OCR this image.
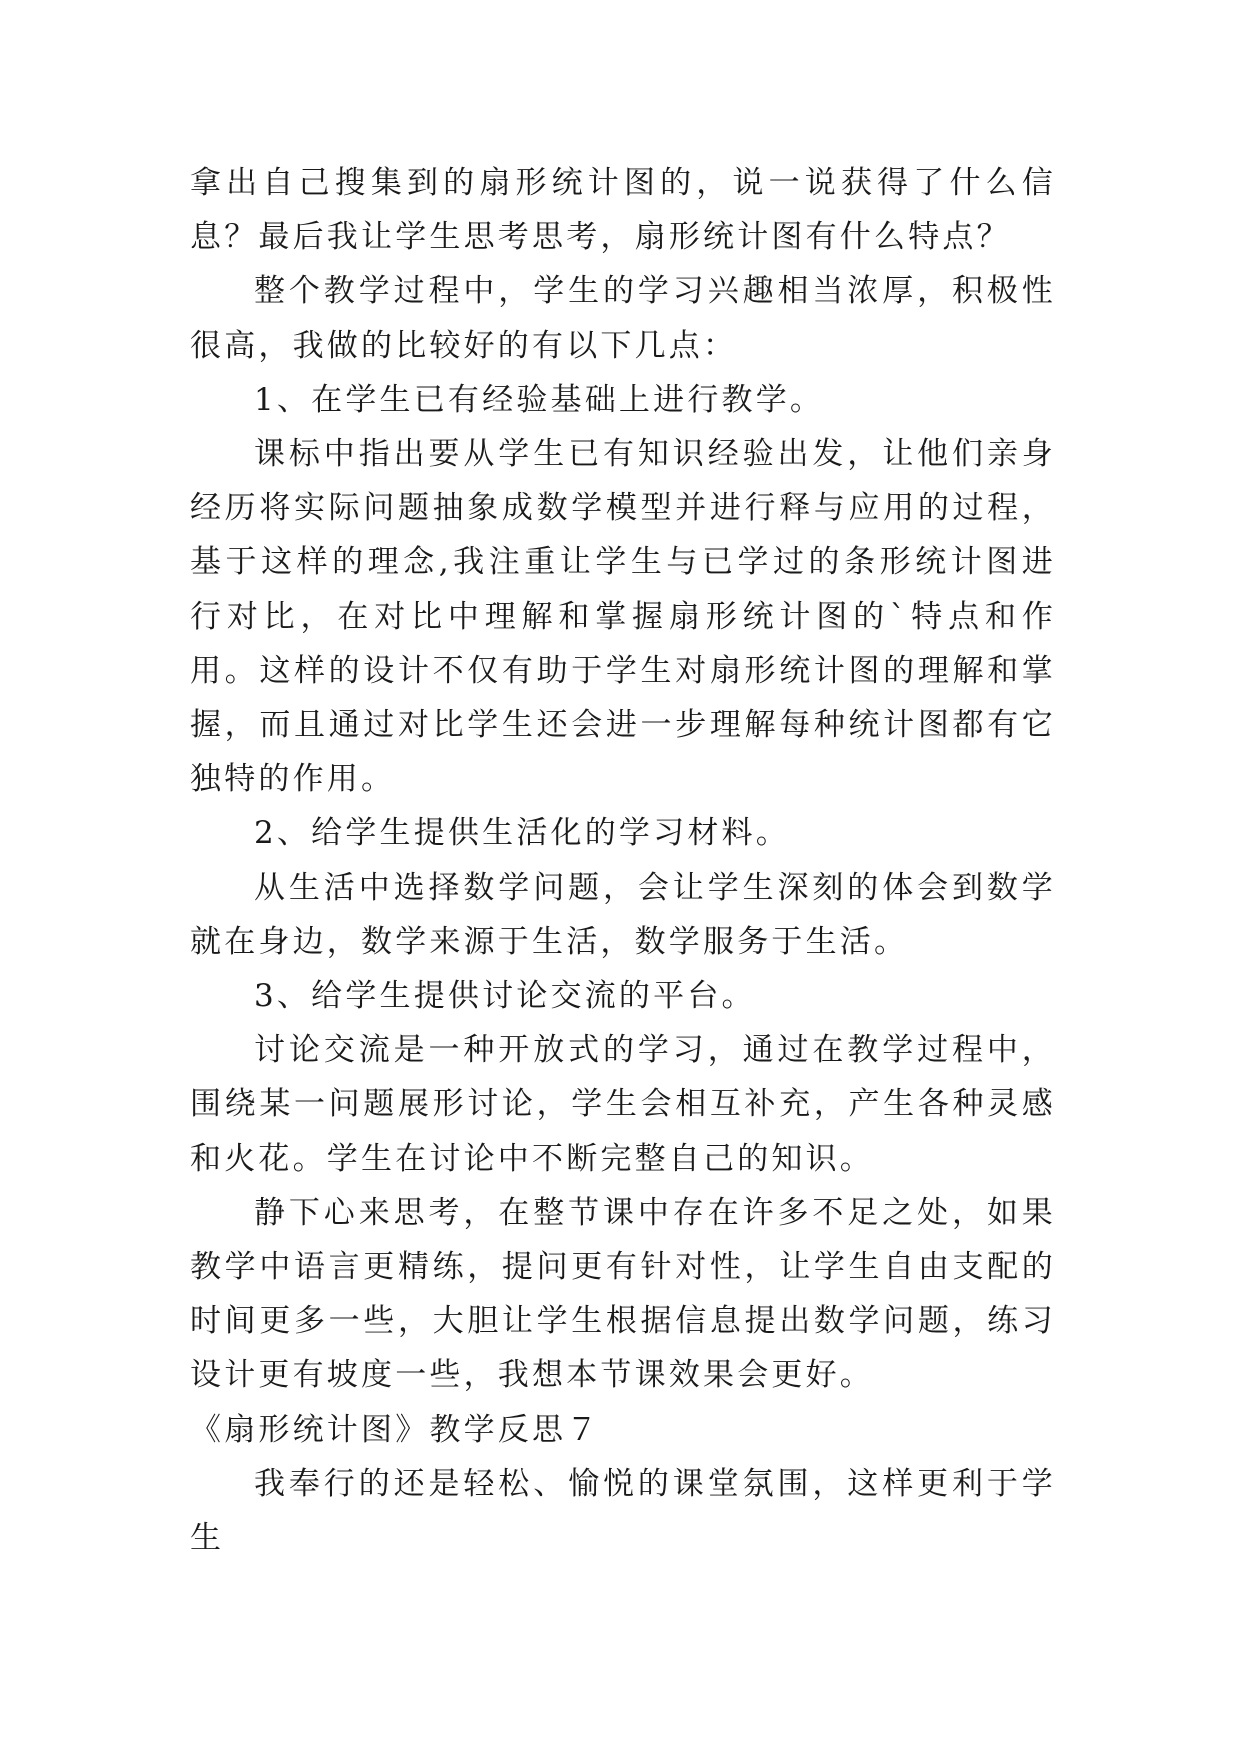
拿出自己搜集到的扇形统计图的，说一说获得了什么信息？最后我让学生思考思考，扇形统计图有什么特点？

整个教学过程中，学生的学习兴趣相当浓厚，积极性很高，我做的比较好的有以下几点：

1、在学生已有经验基础上进行教学。

课标中指出要从学生已有知识经验出发，让他们亲身经历将实际问题抽象成数学模型并进行释与应用的过程，基于这样的理念,我注重让学生与已学过的条形统计图进行对比，在对比中理解和掌握扇形统计图的`特点和作用。这样的设计不仅有助于学生对扇形统计图的理解和掌握，而且通过对比学生还会进一步理解每种统计图都有它独特的作用。

2、给学生提供生活化的学习材料。

从生活中选择数学问题，会让学生深刻的体会到数学就在身边，数学来源于生活，数学服务于生活。

3、给学生提供讨论交流的平台。

讨论交流是一种开放式的学习，通过在教学过程中，围绕某一问题展形讨论，学生会相互补充，产生各种灵感和火花。学生在讨论中不断完整自己的知识。

静下心来思考，在整节课中存在许多不足之处，如果教学中语言更精练，提问更有针对性，让学生自由支配的时间更多一些，大胆让学生根据信息提出数学问题，练习设计更有坡度一些，我想本节课效果会更好。

《扇形统计图》教学反思７

我奉行的还是轻松、愉悦的课堂氛围，这样更利于学生
